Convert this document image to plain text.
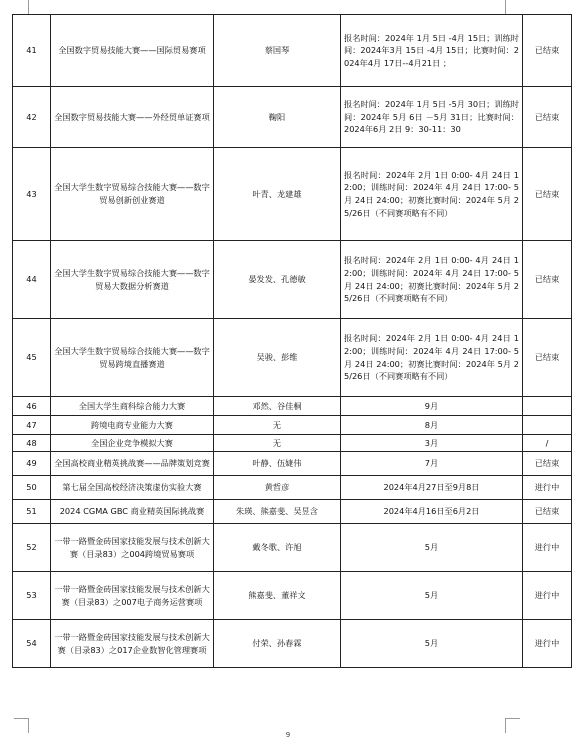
41	全国数字贸易技能大赛——国际贸易赛项	蔡国琴	报名时间：2024年 1月 5日 -4月 15日；训练时间：2024年3月 15日 -4月 15日；比赛时间：2024年4月 17日--4月21日 ；	已结束
42	全国数字贸易技能大赛——外经贸单证赛项	鞠阳	报名时间：2024年 1月 5日 -5月 30日；训练时间：2024年 5月 6日 －5月 31日；比赛时间：2024年6月 2日 9：30-11：30	已结束
43	全国大学生数字贸易综合技能大赛——数字贸易创新创业赛道	叶青、龙建雄	报名时间：2024年 2月 1日 0:00- 4月 24日 12:00；训练时间：2024年 4月 24日 17:00- 5月 24日 24:00；初赛比赛时间：2024年 5月 25/26日（不同赛项略有不同）	已结束
44	全国大学生数字贸易综合技能大赛——数字贸易大数据分析赛道	晏发发、孔德敏	报名时间：2024年 2月 1日 0:00- 4月 24日 12:00；训练时间：2024年 4月 24日 17:00- 5月 24日 24:00；初赛比赛时间：2024年 5月 25/26日（不同赛项略有不同）	已结束
45	全国大学生数字贸易综合技能大赛——数字贸易跨境直播赛道	吴骏、彭维	报名时间：2024年 2月 1日 0:00- 4月 24日 12:00；训练时间：2024年 4月 24日 17:00- 5月 24日 24:00；初赛比赛时间：2024年 5月 25/26日（不同赛项略有不同）	已结束
46	全国大学生商科综合能力大赛	邓然、谷佳桐	9月	
47	跨境电商专业能力大赛	无	8月	
48	全国企业竞争模拟大赛	无	3月	/
49	全国高校商业精英挑战赛——品牌策划竞赛	叶静、伍婕伟	7月	已结束
50	第七届全国高校经济决策虚仿实验大赛	黄哲彦	2024年4月27日至9月8日	进行中
51	2024 CGMA GBC 商业精英国际挑战赛	朱瑛、熊嘉斐、吴昱含	2024年4月16日至6月2日	已结束
52	一带一路暨金砖国家技能发展与技术创新大赛（目录83）之004跨境贸易赛项	戴冬歌、许旭	5月	进行中
53	一带一路暨金砖国家技能发展与技术创新大赛（目录83）之007电子商务运营赛项	熊嘉斐、董祥文	5月	进行中
54	一带一路暨金砖国家技能发展与技术创新大赛（目录83）之017企业数智化管理赛项	付荣、孙春霖	5月	进行中
9
